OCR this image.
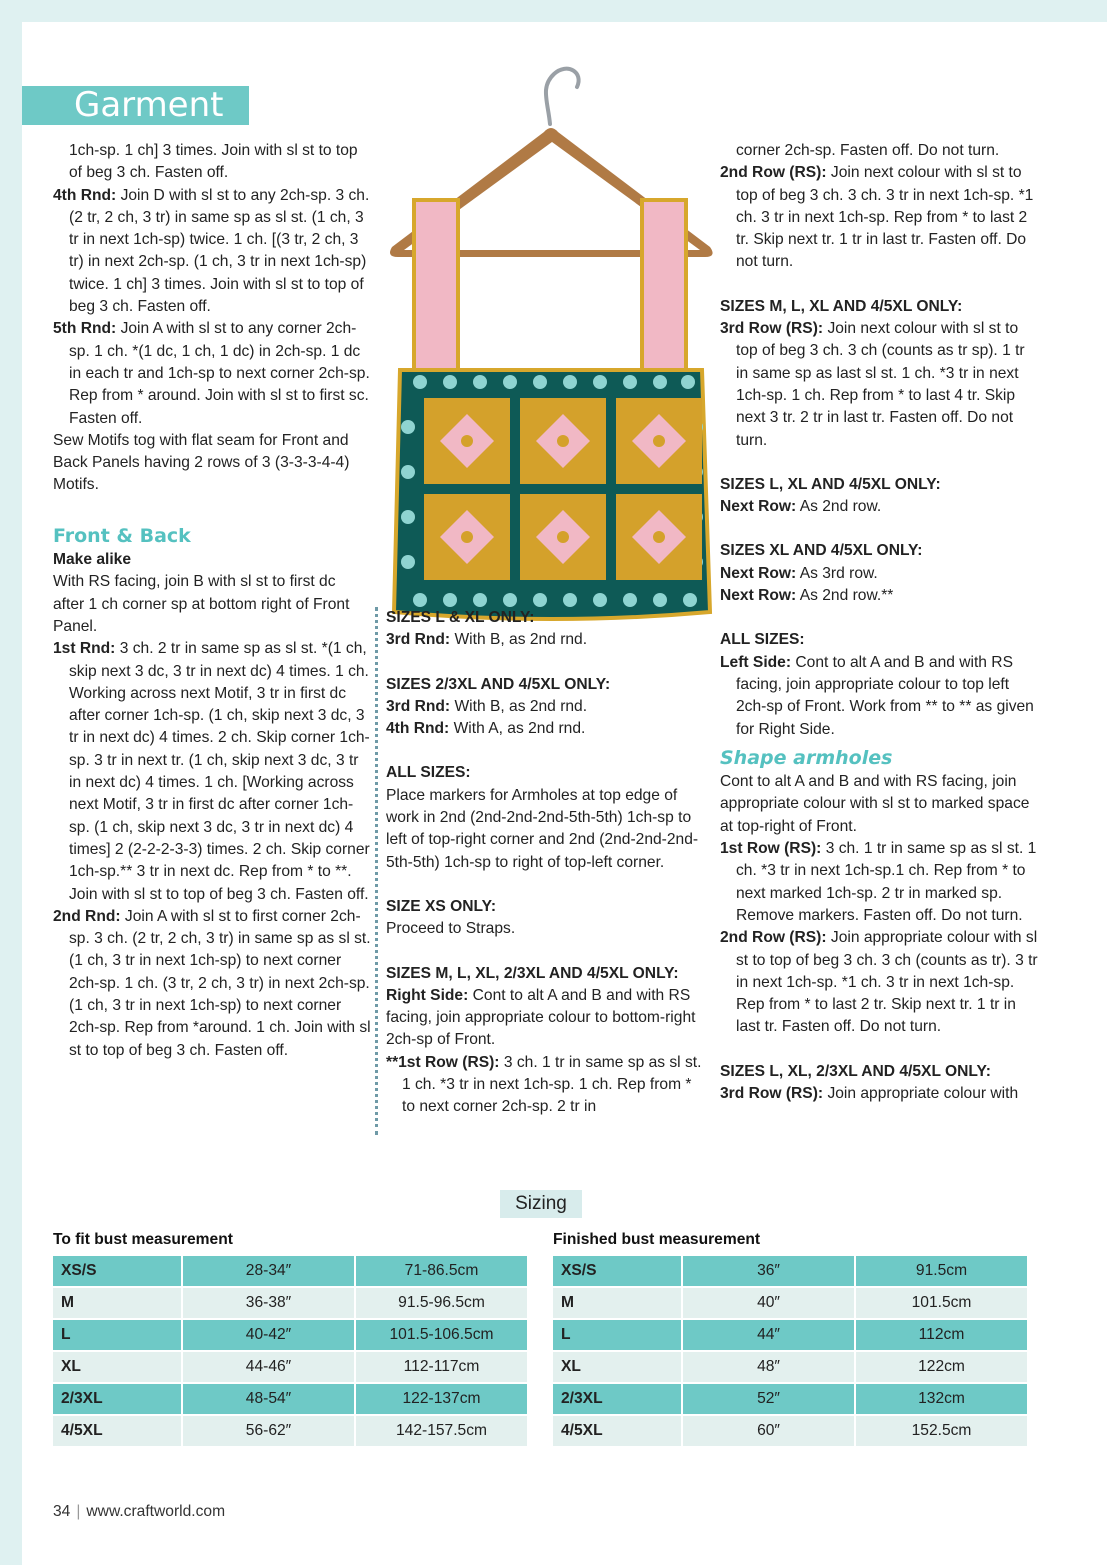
Garment

1ch-sp. 1 ch] 3 times. Join with sl st to top of beg 3 ch. Fasten off.

4th Rnd: Join D with sl st to any 2ch-sp. 3 ch. (2 tr, 2 ch, 3 tr) in same sp as sl st. (1 ch, 3 tr in next 1ch-sp) twice. 1 ch. [(3 tr, 2 ch, 3 tr) in next 2ch-sp. (1 ch, 3 tr in next 1ch-sp) twice. 1 ch] 3 times. Join with sl st to top of beg 3 ch. Fasten off.

5th Rnd: Join A with sl st to any corner 2ch-sp. 1 ch. *(1 dc, 1 ch, 1 dc) in 2ch-sp. 1 dc in each tr and 1ch-sp to next corner 2ch-sp. Rep from * around. Join with sl st to first sc. Fasten off.

Sew Motifs tog with flat seam for Front and Back Panels having 2 rows of 3 (3-3-3-4-4) Motifs.

Front & Back

Make alike

With RS facing, join B with sl st to first dc after 1 ch corner sp at bottom right of Front Panel.

1st Rnd: 3 ch. 2 tr in same sp as sl st. *(1 ch, skip next 3 dc, 3 tr in next dc) 4 times. 1 ch. Working across next Motif, 3 tr in first dc after corner 1ch-sp. (1 ch, skip next 3 dc, 3 tr in next dc) 4 times. 2 ch. Skip corner 1ch-sp. 3 tr in next tr. (1 ch, skip next 3 dc, 3 tr in next dc) 4 times. 1 ch. [Working across next Motif, 3 tr in first dc after corner 1ch-sp. (1 ch, skip next 3 dc, 3 tr in next dc) 4 times] 2 (2-2-2-3-3) times. 2 ch. Skip corner 1ch-sp.** 3 tr in next dc. Rep from * to **. Join with sl st to top of beg 3 ch. Fasten off.

2nd Rnd: Join A with sl st to first corner 2ch-sp. 3 ch. (2 tr, 2 ch, 3 tr) in same sp as sl st. (1 ch, 3 tr in next 1ch-sp) to next corner 2ch-sp. 1 ch. (3 tr, 2 ch, 3 tr) in next 2ch-sp. (1 ch, 3 tr in next 1ch-sp) to next corner 2ch-sp. Rep from *around. 1 ch. Join with sl st to top of beg 3 ch. Fasten off.

SIZES L & XL ONLY:

3rd Rnd: With B, as 2nd rnd.

SIZES 2/3XL AND 4/5XL ONLY:

3rd Rnd: With B, as 2nd rnd.

4th Rnd: With A, as 2nd rnd.

ALL SIZES:

Place markers for Armholes at top edge of work in 2nd (2nd-2nd-2nd-5th-5th) 1ch-sp to left of top-right corner and 2nd (2nd-2nd-2nd-5th-5th) 1ch-sp to right of top-left corner.

SIZE XS ONLY:

Proceed to Straps.

SIZES M, L, XL, 2/3XL AND 4/5XL ONLY:

Right Side: Cont to alt A and B and with RS facing, join appropriate colour to bottom-right 2ch-sp of Front.

**1st Row (RS): 3 ch. 1 tr in same sp as sl st. 1 ch. *3 tr in next 1ch-sp. 1 ch. Rep from * to next corner 2ch-sp. 2 tr in

corner 2ch-sp. Fasten off. Do not turn.

2nd Row (RS): Join next colour with sl st to top of beg 3 ch. 3 ch. 3 tr in next 1ch-sp. *1 ch. 3 tr in next 1ch-sp. Rep from * to last 2 tr. Skip next tr. 1 tr in last tr. Fasten off. Do not turn.

SIZES M, L, XL AND 4/5XL ONLY:

3rd Row (RS): Join next colour with sl st to top of beg 3 ch. 3 ch (counts as tr sp). 1 tr in same sp as last sl st. 1 ch. *3 tr in next 1ch-sp. 1 ch. Rep from * to last 4 tr. Skip next 3 tr. 2 tr in last tr. Fasten off. Do not turn.

SIZES L, XL AND 4/5XL ONLY:

Next Row: As 2nd row.

SIZES XL AND 4/5XL ONLY:

Next Row: As 3rd row.

Next Row: As 2nd row.**

ALL SIZES:

Left Side: Cont to alt A and B and with RS facing, join appropriate colour to top left 2ch-sp of Front. Work from ** to ** as given for Right Side.

Shape armholes

Cont to alt A and B and with RS facing, join appropriate colour with sl st to marked space at top-right of Front.

1st Row (RS): 3 ch. 1 tr in same sp as sl st. 1 ch. *3 tr in next 1ch-sp.1 ch. Rep from * to next marked 1ch-sp. 2 tr in marked sp. Remove markers. Fasten off. Do not turn.

2nd Row (RS): Join appropriate colour with sl st to top of beg 3 ch. 3 ch (counts as tr). 3 tr in next 1ch-sp. *1 ch. 3 tr in next 1ch-sp. Rep from * to last 2 tr. Skip next tr. 1 tr in last tr. Fasten off. Do not turn.

SIZES L, XL, 2/3XL AND 4/5XL ONLY:

3rd Row (RS): Join appropriate colour with

Sizing
To fit bust measurement
XS/S	28-34″	71-86.5cm
M	36-38″	91.5-96.5cm
L	40-42″	101.5-106.5cm
XL	44-46″	112-117cm
2/3XL	48-54″	122-137cm
4/5XL	56-62″	142-157.5cm
Finished bust measurement
XS/S	36″	91.5cm
M	40″	101.5cm
L	44″	112cm
XL	48″	122cm
2/3XL	52″	132cm
4/5XL	60″	152.5cm
34 | www.craftworld.com
